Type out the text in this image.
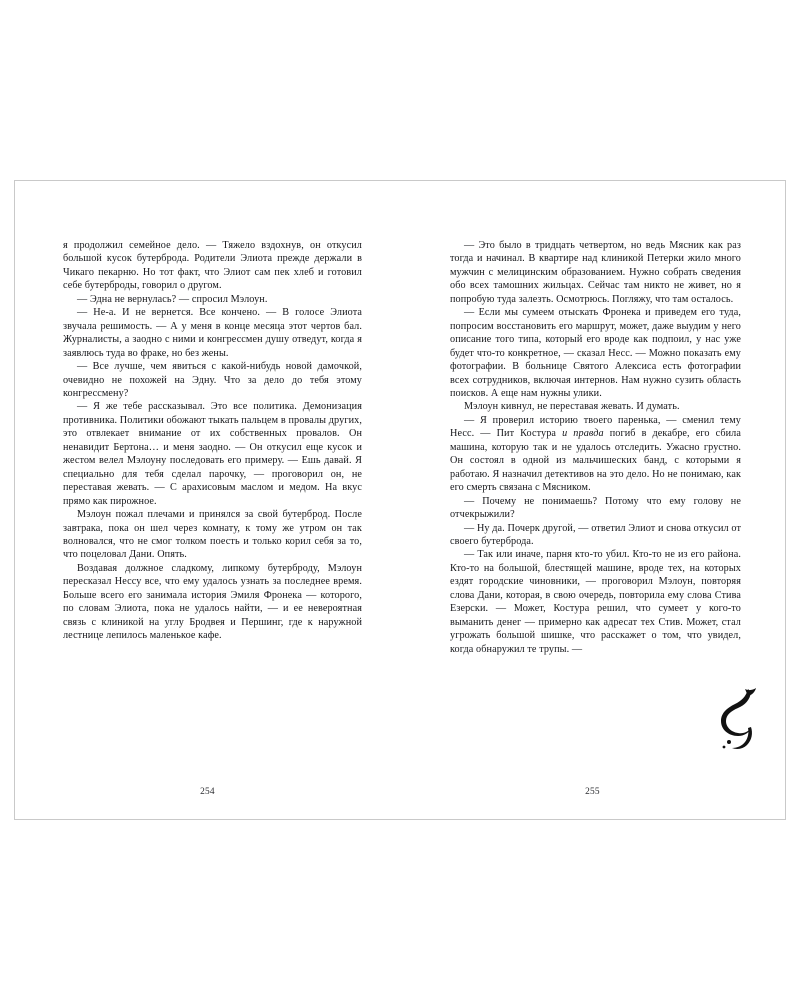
я продолжил семейное дело. — Тяжело вздохнув, он откусил большой кусок бутерброда. Родители Элиота прежде держали в Чикаго пекарню. Но тот факт, что Элиот сам пек хлеб и готовил себе бутерброды, говорил о другом.

— Эдна не вернулась? — спросил Мэлоун.

— Не-а. И не вернется. Все кончено. — В голосе Элиота звучала решимость. — А у меня в конце месяца этот чертов бал. Журналисты, а заодно с ними и конгрессмен душу отведут, когда я заявлюсь туда во фраке, но без жены.

— Все лучше, чем явиться с какой-нибудь новой дамочкой, очевидно не похожей на Эдну. Что за дело до тебя этому конгрессмену?

— Я же тебе рассказывал. Это все политика. Демонизация противника. Политики обожают тыкать пальцем в провалы других, это отвлекает внимание от их собственных провалов. Он ненавидит Бертона… и меня заодно. — Он откусил еще кусок и жестом велел Мэлоуну последовать его примеру. — Ешь давай. Я специально для тебя сделал парочку, — проговорил он, не переставая жевать. — С арахисовым маслом и медом. На вкус прямо как пирожное.

Мэлоун пожал плечами и принялся за свой бутерброд. После завтрака, пока он шел через комнату, к тому же утром он так волновался, что не смог толком поесть и только корил себя за то, что поцеловал Дани. Опять.

Воздавая должное сладкому, липкому бутерброду, Мэлоун пересказал Нессу все, что ему удалось узнать за последнее время. Больше всего его занимала история Эмиля Фронека — которого, по словам Элиота, пока не удалось найти, — и ее невероятная связь с клиникой на углу Бродвея и Першинг, где к наружной лестнице лепилось маленькое кафе.

254

— Это было в тридцать четвертом, но ведь Мясник как раз тогда и начинал. В квартире над клиникой Петерки жило много мужчин с мелицинским образованием. Нужно собрать сведения обо всех тамошних жильцах. Сейчас там никто не живет, но я попробую туда залезть. Осмотрюсь. Погляжу, что там осталось.

— Если мы сумеем отыскать Фронека и приведем его туда, попросим восстановить его маршрут, может, даже выудим у него описание того типа, который его вроде как подпоил, у нас уже будет что-то конкретное, — сказал Несс. — Можно показать ему фотографии. В больнице Святого Алексиса есть фотографии всех сотрудников, включая интернов. Нам нужно сузить область поисков. А еще нам нужны улики.

Мэлоун кивнул, не переставая жевать. И думать.

— Я проверил историю твоего паренька, — сменил тему Несс. — Пит Костура и правда погиб в декабре, его сбила машина, которую так и не удалось отследить. Ужасно грустно. Он состоял в одной из мальчишеских банд, с которыми я работаю. Я назначил детективов на это дело. Но не понимаю, как его смерть связана с Мясником.

— Почему не понимаешь? Потому что ему голову не отчекрыжили?

— Ну да. Почерк другой, — ответил Элиот и снова откусил от своего бутерброда.

— Так или иначе, парня кто-то убил. Кто-то не из его района. Кто-то на большой, блестящей машине, вроде тех, на которых ездят городские чиновники, — проговорил Мэлоун, повторяя слова Дани, которая, в свою очередь, повторила ему слова Стива Езерски. — Может, Костура решил, что сумеет у кого-то выманить денег — примерно как адресат тех Стив. Может, стал угрожать большой шишке, что расскажет о том, что увидел, когда обнаружил те трупы. —

255
